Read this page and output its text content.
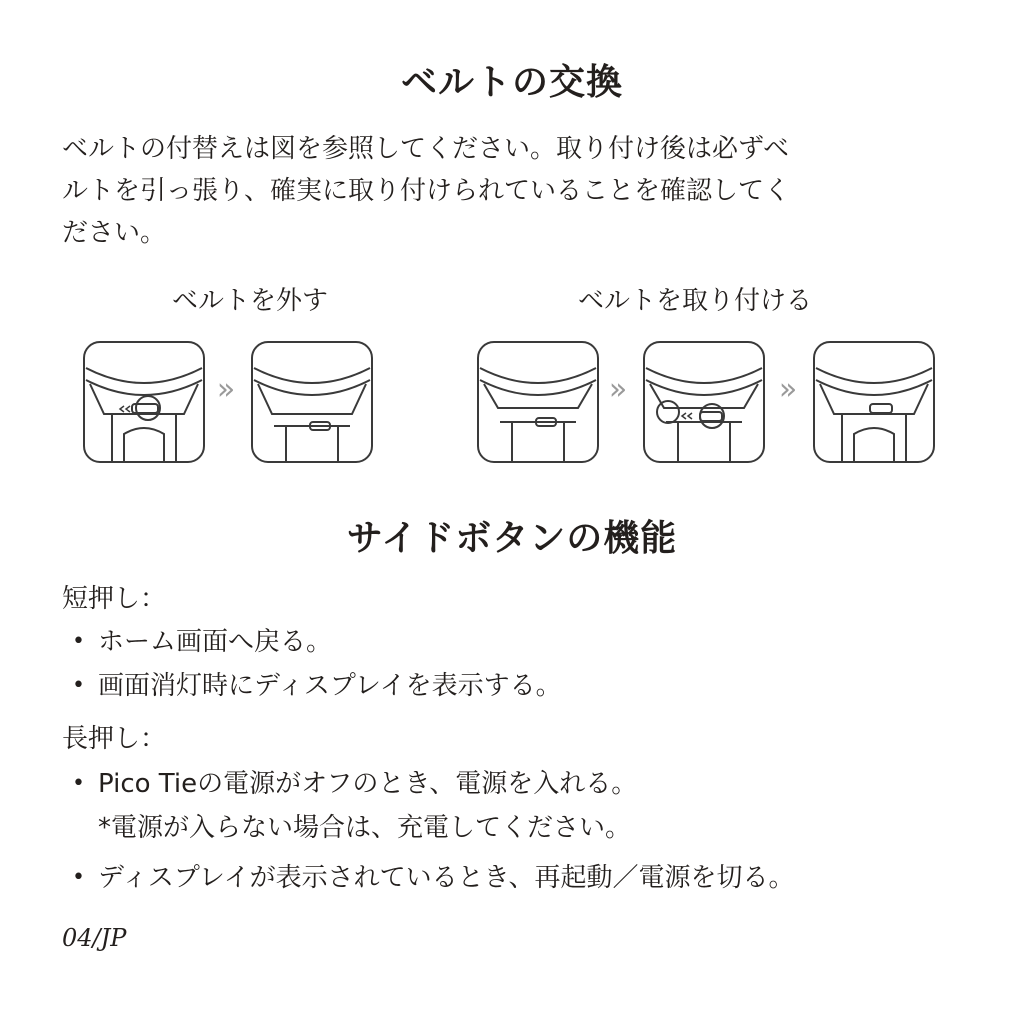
ベルトの交換

ベルトの付替えは図を参照してください。取り付け後は必ずベ
ルトを引っ張り、確実に取り付けられていることを確認してく
ださい。

ベルトを外す	ベルトを取り付ける

»	»	»
サイドボタンの機能

短押し：

• ホーム画面へ戻る。
• 画面消灯時にディスプレイを表示する。

長押し：

• Pico Tieの電源がオフのとき、電源を入れる。
*電源が入らない場合は、充電してください。
• ディスプレイが表示されているとき、再起動／電源を切る。

04/JP
